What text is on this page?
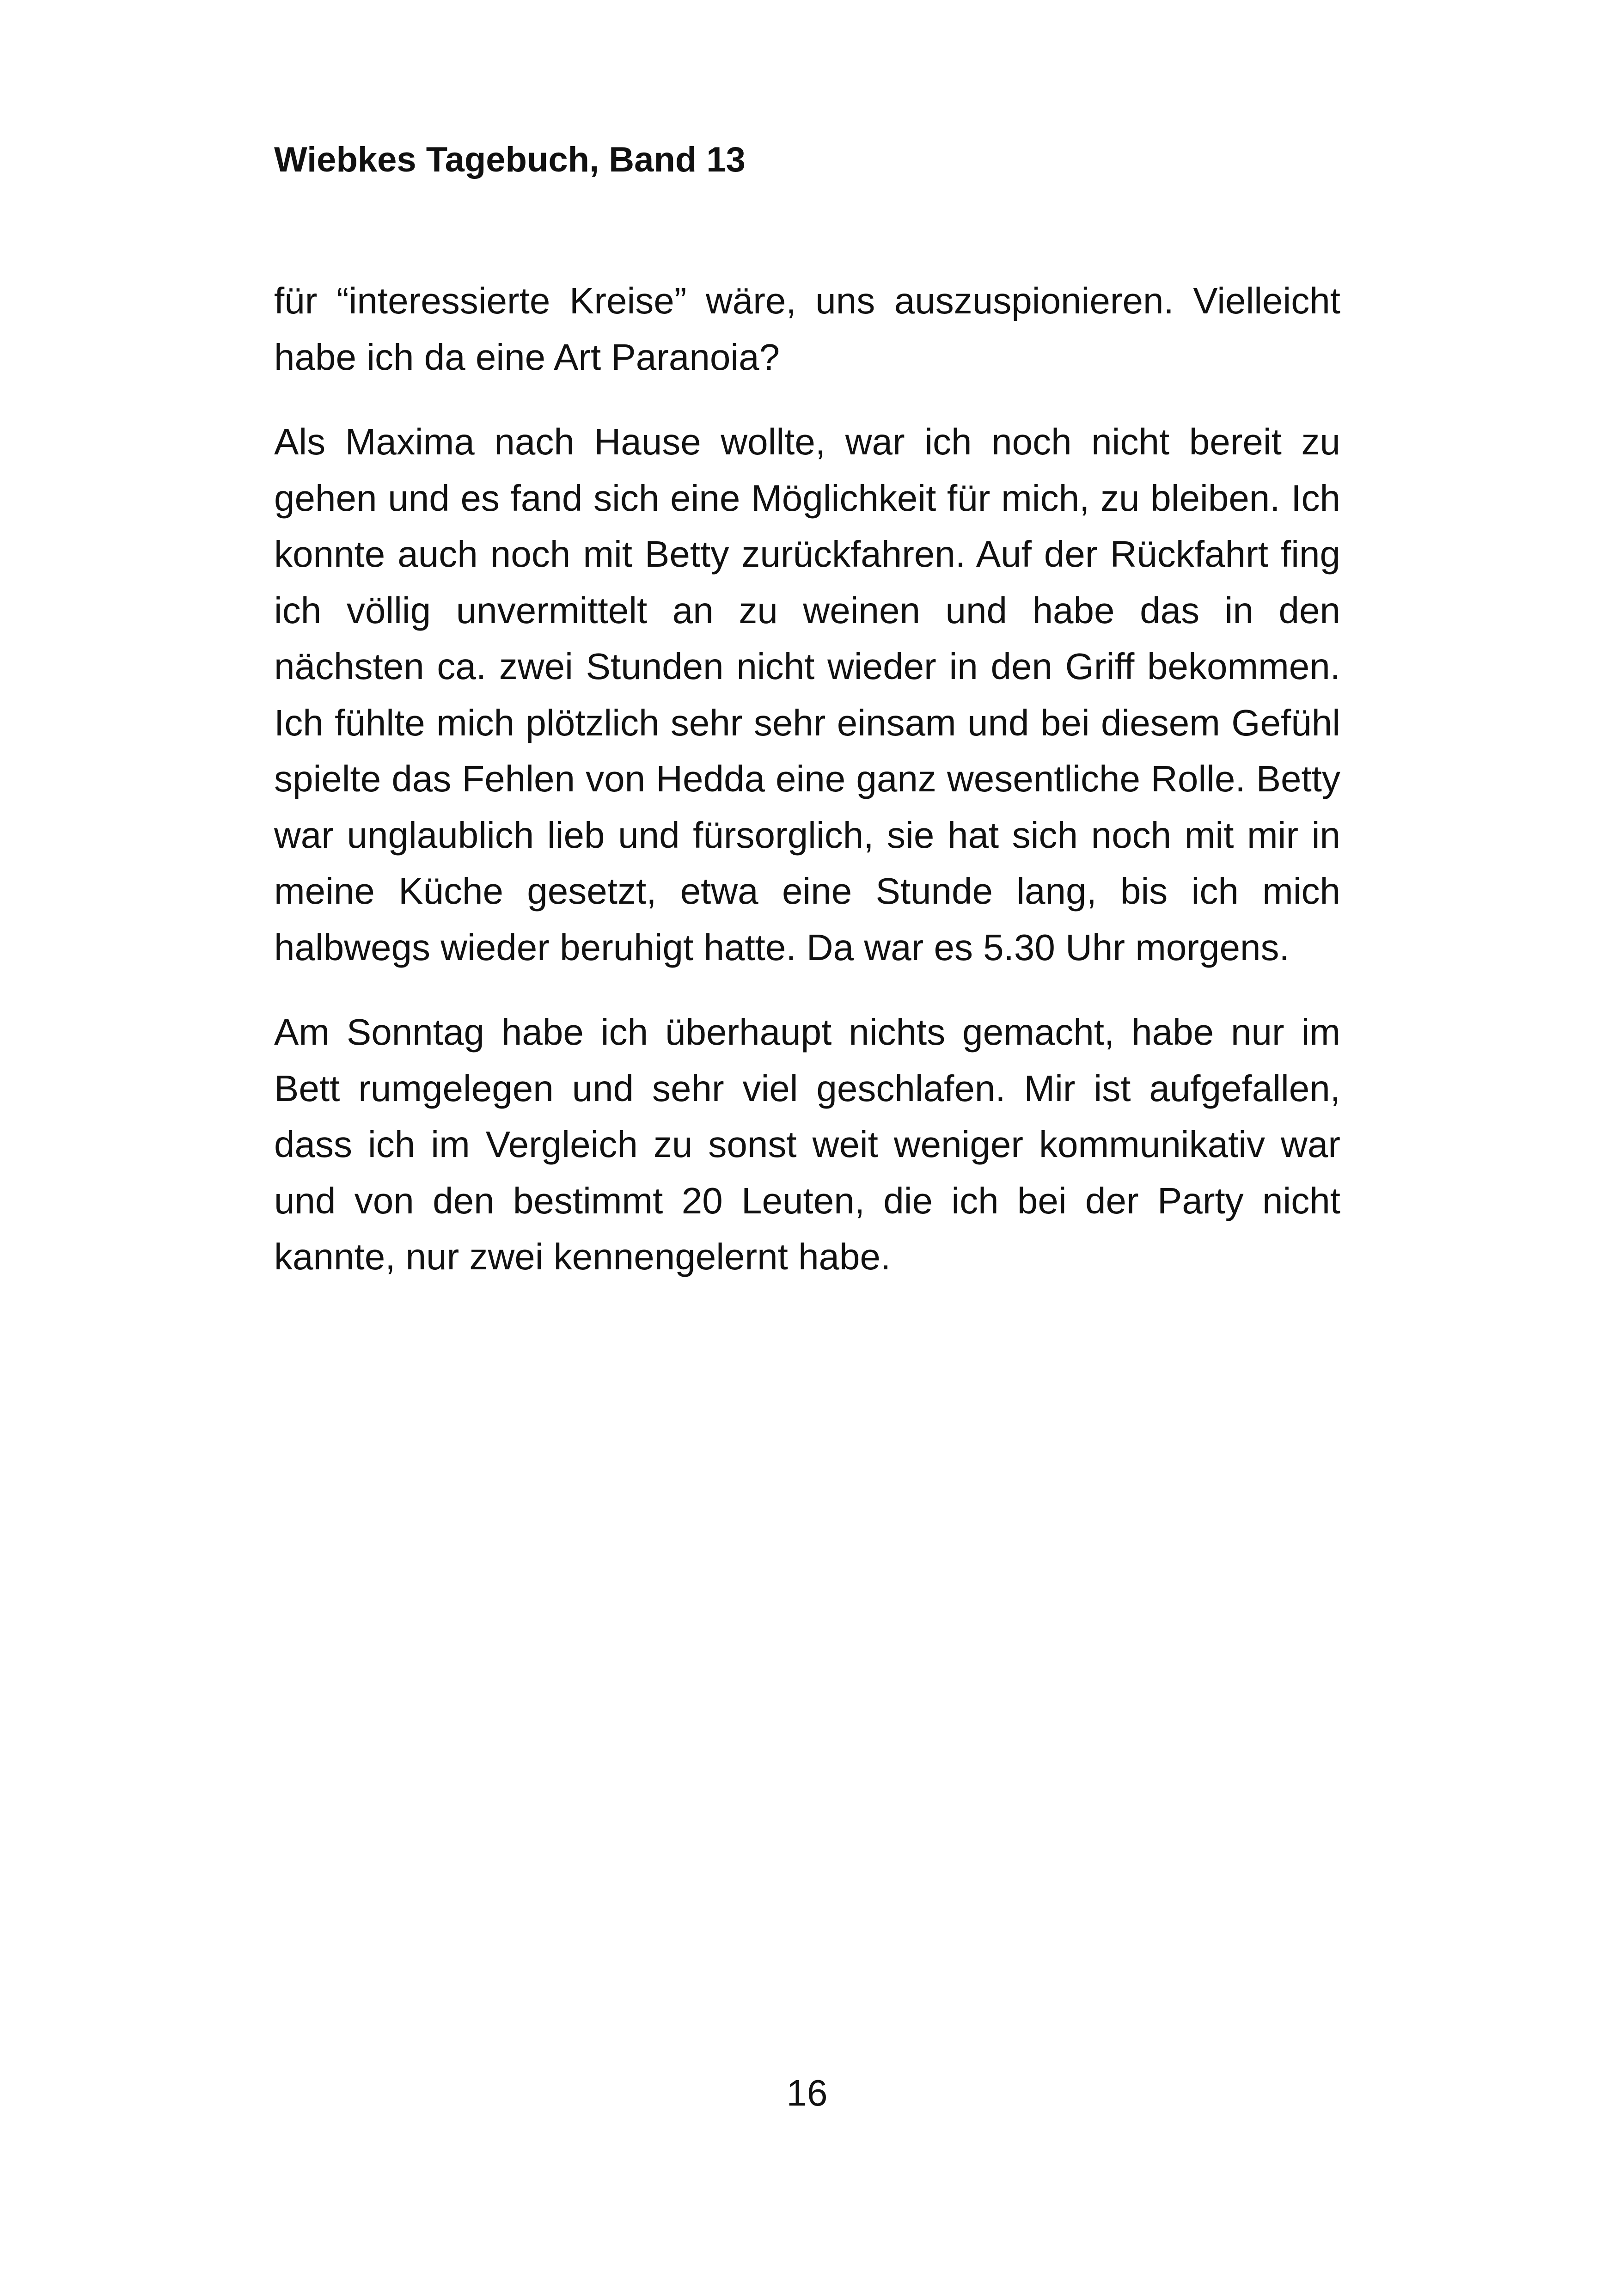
Wiebkes Tagebuch, Band 13

für “interessierte Kreise” wäre, uns auszuspionieren. Vielleicht habe ich da eine Art Paranoia?

Als Maxima nach Hause wollte, war ich noch nicht bereit zu gehen und es fand sich eine Möglichkeit für mich, zu bleiben. Ich konnte auch noch mit Betty zurückfahren. Auf der Rückfahrt fing ich völlig unvermittelt an zu weinen und habe das in den nächsten ca. zwei Stunden nicht wieder in den Griff bekommen. Ich fühlte mich plötzlich sehr sehr einsam und bei diesem Gefühl spielte das Fehlen von Hedda eine ganz wesentliche Rolle. Betty war unglaublich lieb und fürsorglich, sie hat sich noch mit mir in meine Küche gesetzt, etwa eine Stunde lang, bis ich mich halbwegs wieder beruhigt hatte. Da war es 5.30 Uhr morgens.

Am Sonntag habe ich überhaupt nichts gemacht, habe nur im Bett rumgelegen und sehr viel geschlafen. Mir ist aufgefallen, dass ich im Vergleich zu sonst weit weniger kommunikativ war und von den bestimmt 20 Leuten, die ich bei der Party nicht kannte, nur zwei kennengelernt habe.

16
